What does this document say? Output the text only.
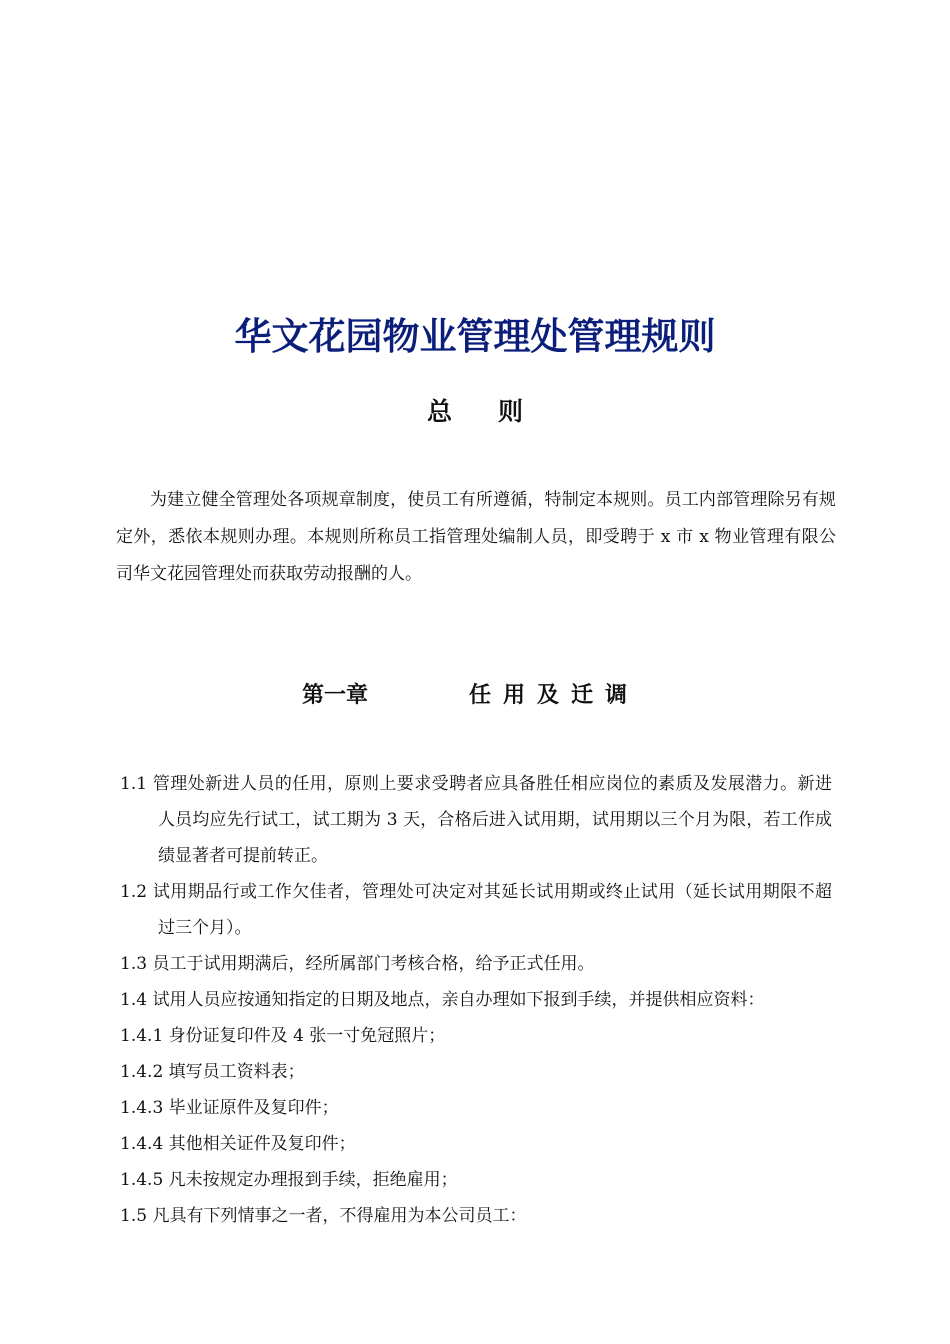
华文花园物业管理处管理规则
总 则

为建立健全管理处各项规章制度，使员工有所遵循，特制定本规则。员工内部管理除另有规定外，悉依本规则办理。本规则所称员工指管理处编制人员，即受聘于 x 市 x 物业管理有限公司华文花园管理处而获取劳动报酬的人。

第一章	任用及迁调
1.1 管理处新进人员的任用，原则上要求受聘者应具备胜任相应岗位的素质及发展潜力。新进人员均应先行试工，试工期为 3 天，合格后进入试用期，试用期以三个月为限，若工作成绩显著者可提前转正。
1.2 试用期品行或工作欠佳者，管理处可决定对其延长试用期或终止试用（延长试用期限不超过三个月）。
1.3 员工于试用期满后，经所属部门考核合格，给予正式任用。
1.4 试用人员应按通知指定的日期及地点，亲自办理如下报到手续，并提供相应资料：
1.4.1 身份证复印件及 4 张一寸免冠照片；
1.4.2 填写员工资料表；
1.4.3 毕业证原件及复印件；
1.4.4 其他相关证件及复印件；
1.4.5 凡未按规定办理报到手续，拒绝雇用；
1.5 凡具有下列情事之一者，不得雇用为本公司员工：
